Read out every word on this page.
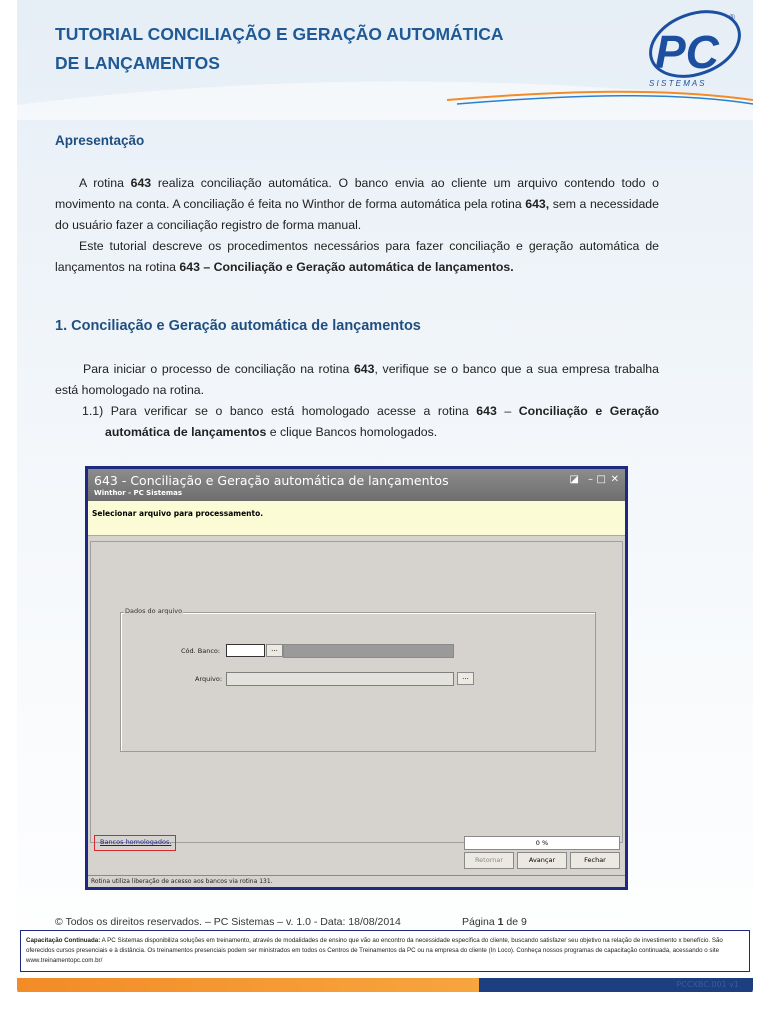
TUTORIAL CONCILIAÇÃO E GERAÇÃO AUTOMÁTICA
DE LANÇAMENTOS	PC
S I S T E M A S
®
Apresentação
A rotina 643 realiza conciliação automática. O banco envia ao cliente um arquivo contendo todo o movimento na conta. A conciliação é feita no Winthor de forma automática pela rotina 643, sem a necessidade do usuário fazer a conciliação registro de forma manual.
Este tutorial descreve os procedimentos necessários para fazer conciliação e geração automática de lançamentos na rotina 643 – Conciliação e Geração automática de lançamentos.
1. Conciliação e Geração automática de lançamentos
Para iniciar o processo de conciliação na rotina 643, verifique se o banco que a sua empresa trabalha está homologado na rotina.
1.1) Para verificar se o banco está homologado acesse a rotina 643 – Conciliação e Geração automática de lançamentos e clique Bancos homologados.
643 - Conciliação e Geração automática de lançamentos
Winthor - PC Sistemas
◪ – □ ✕
Selecionar arquivo para processamento.
Dados do arquivo
Cód. Banco:	...
Arquivo:	...
Bancos homologados.	0 %
Retornar	Avançar	Fechar
Rotina utiliza liberação de acesso aos bancos via rotina 131.
© Todos os direitos reservados. – PC Sistemas – v. 1.0 - Data: 18/08/2014	Página 1 de 9

Capacitação Continuada: A PC Sistemas disponibiliza soluções em treinamento, através de modalidades de ensino que vão ao encontro da necessidade específica do cliente, buscando satisfazer seu objetivo na relação de investimento x benefício. São oferecidos cursos presenciais e à distância. Os treinamentos presenciais podem ser ministrados em todos os Centros de Treinamentos da PC ou na empresa do cliente (In Loco). Conheça nossos programas de capacitação continuada, acessando o site www.treinamentopc.com.br/

PCCXBC.001 v1
